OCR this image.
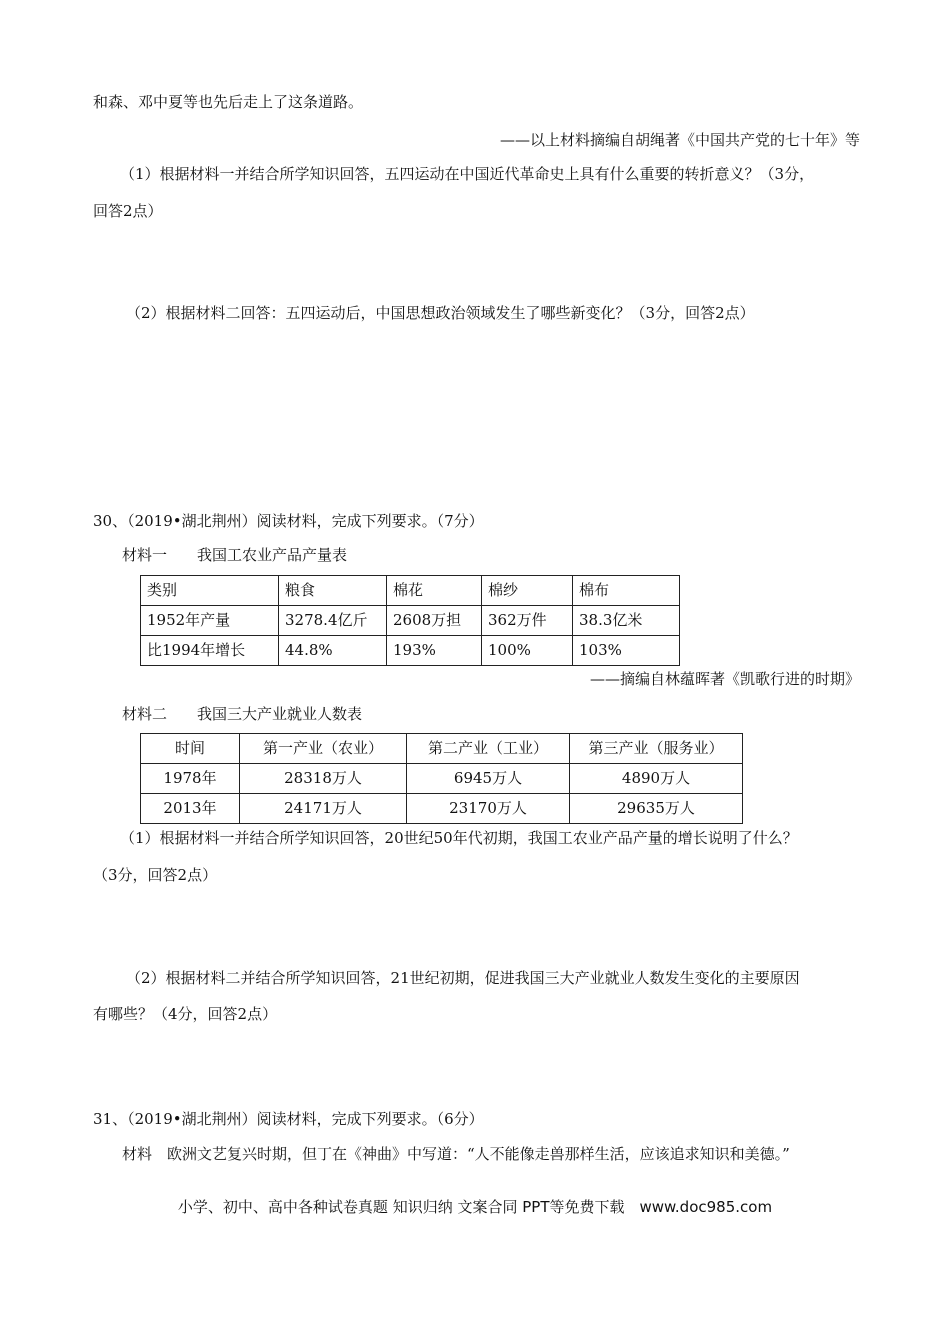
和森、邓中夏等也先后走上了这条道路。
——以上材料摘编自胡绳著《中国共产党的七十年》等
（1）根据材料一并结合所学知识回答，五四运动在中国近代革命史上具有什么重要的转折意义？（3分，
回答2点）
（2）根据材料二回答：五四运动后，中国思想政治领域发生了哪些新变化？（3分，回答2点）
30、（2019•湖北荆州）阅读材料，完成下列要求。（7分）
材料一　　我国工农业产品产量表
类别	粮食	棉花	棉纱	棉布
1952年产量	3278.4亿斤	2608万担	362万件	38.3亿米
比1994年增长	44.8%	193%	100%	103%
——摘编自林蕴晖著《凯歌行进的时期》
材料二　　我国三大产业就业人数表
时间	第一产业（农业）	第二产业（工业）	第三产业（服务业）
1978年	28318万人	6945万人	4890万人
2013年	24171万人	23170万人	29635万人
（1）根据材料一并结合所学知识回答，20世纪50年代初期，我国工农业产品产量的增长说明了什么？
（3分，回答2点）
（2）根据材料二并结合所学知识回答，21世纪初期，促进我国三大产业就业人数发生变化的主要原因
有哪些？（4分，回答2点）
31、（2019•湖北荆州）阅读材料，完成下列要求。（6分）
材料　欧洲文艺复兴时期，但丁在《神曲》中写道：“人不能像走兽那样生活，应该追求知识和美德。”
小学、初中、高中各种试卷真题 知识归纳 文案合同 PPT等免费下载　www.doc985.com
